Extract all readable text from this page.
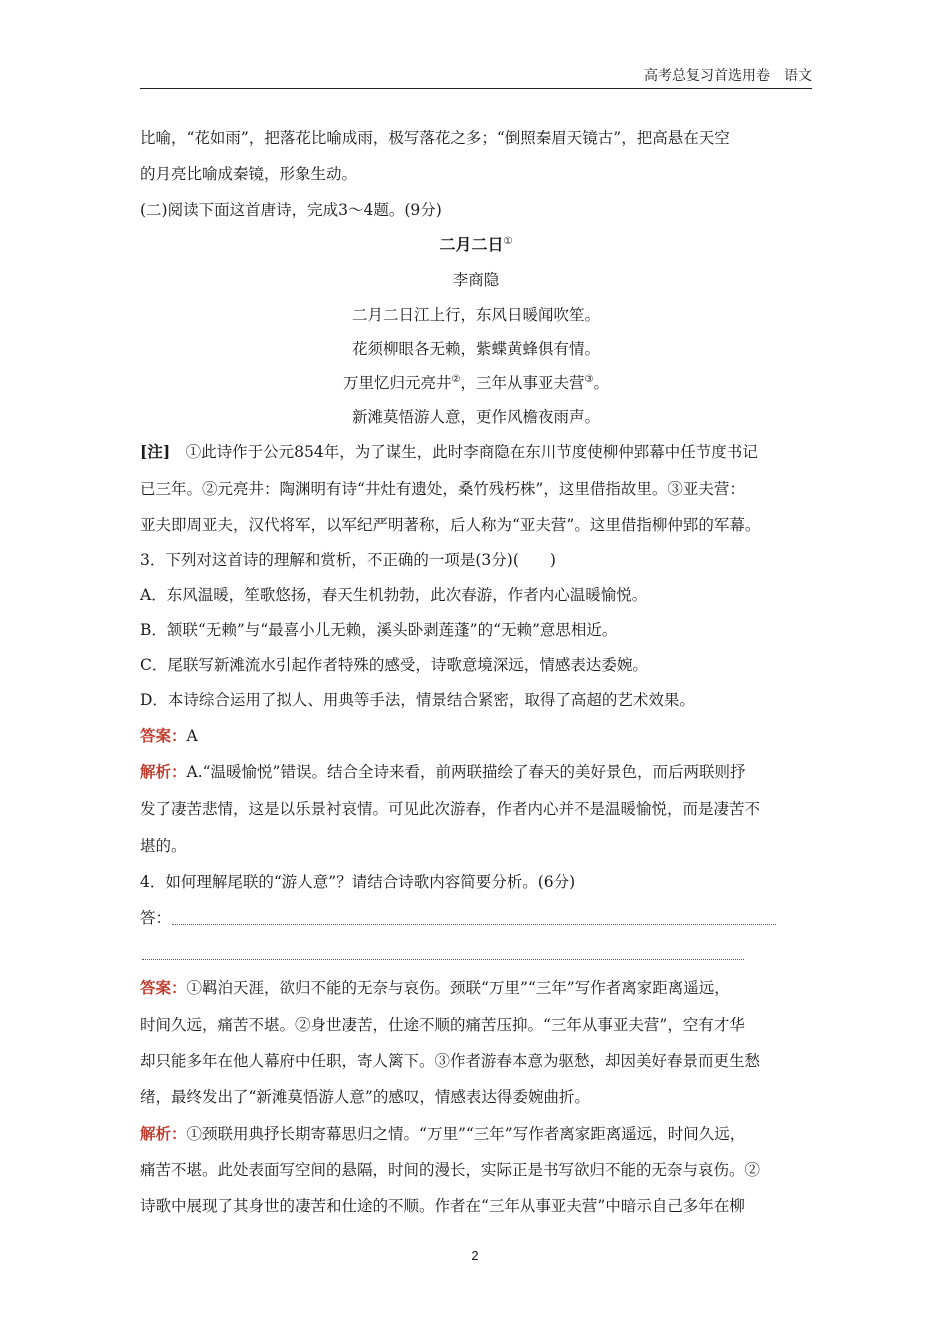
高考总复习首选用卷　语文
比喻，“花如雨”，把落花比喻成雨，极写落花之多；“倒照秦眉天镜古”，把高悬在天空
的月亮比喻成秦镜，形象生动。
(二)阅读下面这首唐诗，完成3～4题。(9分)
二月二日①
李商隐
二月二日江上行，东风日暖闻吹笙。
花须柳眼各无赖，紫蝶黄蜂俱有情。
万里忆归元亮井②，三年从事亚夫营③。
新滩莫悟游人意，更作风檐夜雨声。
[注]　①此诗作于公元854年，为了谋生，此时李商隐在东川节度使柳仲郢幕中任节度书记
已三年。②元亮井：陶渊明有诗“井灶有遗处，桑竹残朽株”，这里借指故里。③亚夫营：
亚夫即周亚夫，汉代将军，以军纪严明著称，后人称为“亚夫营”。这里借指柳仲郢的军幕。
3．下列对这首诗的理解和赏析，不正确的一项是(3分)(　　)
A．东风温暖，笙歌悠扬，春天生机勃勃，此次春游，作者内心温暖愉悦。
B．颔联“无赖”与“最喜小儿无赖，溪头卧剥莲蓬”的“无赖”意思相近。
C．尾联写新滩流水引起作者特殊的感受，诗歌意境深远，情感表达委婉。
D．本诗综合运用了拟人、用典等手法，情景结合紧密，取得了高超的艺术效果。
答案：A
解析：A.“温暖愉悦”错误。结合全诗来看，前两联描绘了春天的美好景色，而后两联则抒
发了凄苦悲情，这是以乐景衬哀情。可见此次游春，作者内心并不是温暖愉悦，而是凄苦不
堪的。
4．如何理解尾联的“游人意”？请结合诗歌内容简要分析。(6分)
答：
答案：①羁泊天涯，欲归不能的无奈与哀伤。颈联“万里”“三年”写作者离家距离遥远，
时间久远，痛苦不堪。②身世凄苦，仕途不顺的痛苦压抑。“三年从事亚夫营”，空有才华
却只能多年在他人幕府中任职，寄人篱下。③作者游春本意为驱愁，却因美好春景而更生愁
绪，最终发出了“新滩莫悟游人意”的感叹，情感表达得委婉曲折。
解析：①颈联用典抒长期寄幕思归之情。“万里”“三年”写作者离家距离遥远，时间久远，
痛苦不堪。此处表面写空间的悬隔，时间的漫长，实际正是书写欲归不能的无奈与哀伤。②
诗歌中展现了其身世的凄苦和仕途的不顺。作者在“三年从事亚夫营”中暗示自己多年在柳
2
